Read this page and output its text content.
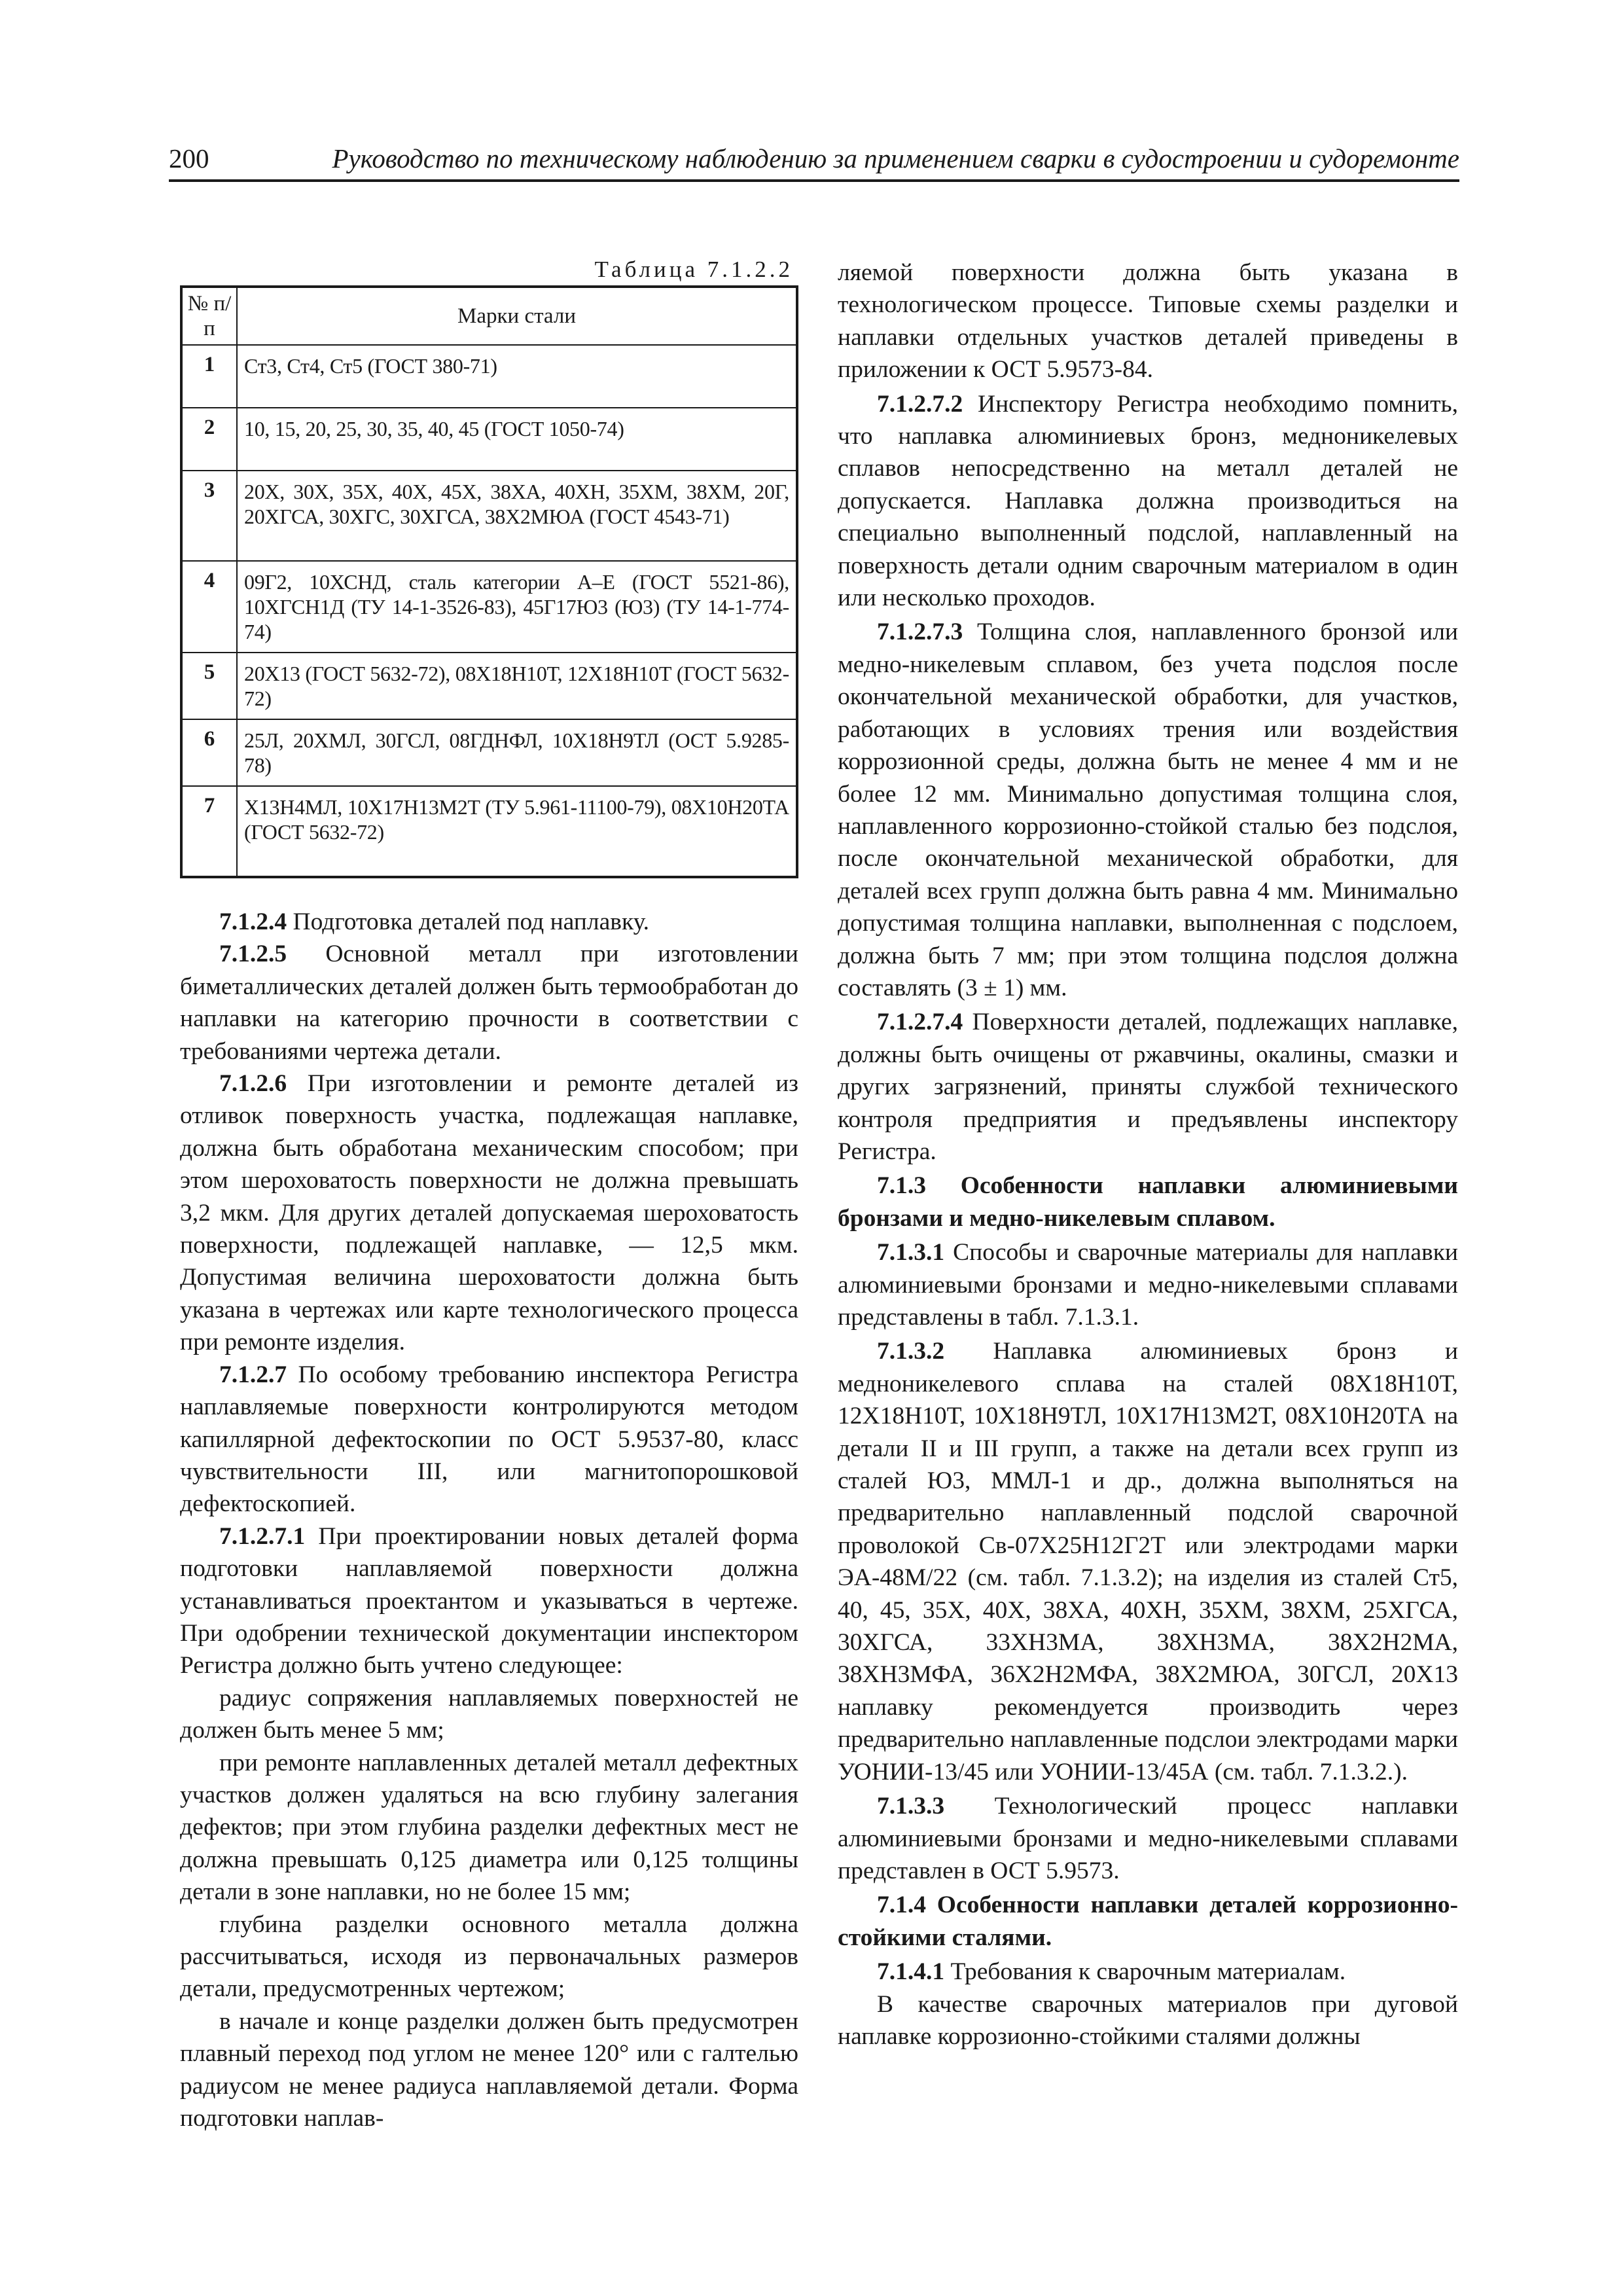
200	Руководство по техническому наблюдению за применением сварки в судостроении и судоремонте
Таблица 7.1.2.2
№ п/п	Марки стали
1	Ст3, Ст4, Ст5 (ГОСТ 380-71)
2	10, 15, 20, 25, 30, 35, 40, 45 (ГОСТ 1050-74)
3	20Х, 30Х, 35Х, 40Х, 45Х, 38ХА, 40ХН, 35ХМ, 38ХМ, 20Г, 20ХГСА, 30ХГС, 30ХГСА, 38Х2МЮА (ГОСТ 4543-71)
4	09Г2, 10ХСНД, сталь категории А–Е (ГОСТ 5521-86), 10ХГСН1Д (ТУ 14-1-3526-83), 45Г17Ю3 (Ю3) (ТУ 14-1-774-74)
5	20Х13 (ГОСТ 5632-72), 08Х18Н10Т, 12Х18Н10Т (ГОСТ 5632-72)
6	25Л, 20ХМЛ, 30ГСЛ, 08ГДНФЛ, 10Х18Н9ТЛ (ОСТ 5.9285-78)
7	Х13Н4МЛ, 10Х17Н13М2Т (ТУ 5.961-11100-79), 08Х10Н20ТА (ГОСТ 5632-72)

7.1.2.4 Подготовка деталей под наплавку.

7.1.2.5 Основной металл при изготовлении биметаллических деталей должен быть термообработан до наплавки на категорию прочности в соответствии с требованиями чертежа детали.

7.1.2.6 При изготовлении и ремонте деталей из отливок поверхность участка, подлежащая наплавке, должна быть обработана механическим способом; при этом шероховатость поверхности не должна превышать 3,2 мкм. Для других деталей допускаемая шероховатость поверхности, подлежащей наплавке, — 12,5 мкм. Допустимая величина шероховатости должна быть указана в чертежах или карте технологического процесса при ремонте изделия.

7.1.2.7 По особому требованию инспектора Регистра наплавляемые поверхности контролируются методом капиллярной дефектоскопии по ОСТ 5.9537-80, класс чувствительности III, или магнитопорошковой дефектоскопией.

7.1.2.7.1 При проектировании новых деталей форма подготовки наплавляемой поверхности должна устанавливаться проектантом и указываться в чертеже. При одобрении технической документации инспектором Регистра должно быть учтено следующее:

радиус сопряжения наплавляемых поверхностей не должен быть менее 5 мм;

при ремонте наплавленных деталей металл дефектных участков должен удаляться на всю глубину залегания дефектов; при этом глубина разделки дефектных мест не должна превышать 0,125 диаметра или 0,125 толщины детали в зоне наплавки, но не более 15 мм;

глубина разделки основного металла должна рассчитываться, исходя из первоначальных размеров детали, предусмотренных чертежом;

в начале и конце разделки должен быть предусмотрен плавный переход под углом не менее 120° или с галтелью радиусом не менее радиуса наплавляемой детали. Форма подготовки наплав-

ляемой поверхности должна быть указана в технологическом процессе. Типовые схемы разделки и наплавки отдельных участков деталей приведены в приложении к ОСТ 5.9573-84.

7.1.2.7.2 Инспектору Регистра необходимо помнить, что наплавка алюминиевых бронз, медноникелевых сплавов непосредственно на металл деталей не допускается. Наплавка должна производиться на специально выполненный подслой, наплавленный на поверхность детали одним сварочным материалом в один или несколько проходов.

7.1.2.7.3 Толщина слоя, наплавленного бронзой или медно-никелевым сплавом, без учета подслоя после окончательной механической обработки, для участков, работающих в условиях трения или воздействия коррозионной среды, должна быть не менее 4 мм и не более 12 мм. Минимально допустимая толщина слоя, наплавленного коррозионно-стойкой сталью без подслоя, после окончательной механической обработки, для деталей всех групп должна быть равна 4 мм. Минимально допустимая толщина наплавки, выполненная с подслоем, должна быть 7 мм; при этом толщина подслоя должна составлять (3 ± 1) мм.

7.1.2.7.4 Поверхности деталей, подлежащих наплавке, должны быть очищены от ржавчины, окалины, смазки и других загрязнений, приняты службой технического контроля предприятия и предъявлены инспектору Регистра.

7.1.3 Особенности наплавки алюминиевыми бронзами и медно-никелевым сплавом.

7.1.3.1 Способы и сварочные материалы для наплавки алюминиевыми бронзами и медно-никелевыми сплавами представлены в табл. 7.1.3.1.

7.1.3.2 Наплавка алюминиевых бронз и медноникелевого сплава на сталей 08Х18Н10Т, 12Х18Н10Т, 10Х18Н9ТЛ, 10Х17Н13М2Т, 08Х10Н20ТА на детали II и III групп, а также на детали всех групп из сталей Ю3, ММЛ-1 и др., должна выполняться на предварительно наплавленный подслой сварочной проволокой Св-07Х25Н12Г2Т или электродами марки ЭА-48М/22 (см. табл. 7.1.3.2); на изделия из сталей Ст5, 40, 45, 35Х, 40Х, 38ХА, 40ХН, 35ХМ, 38ХМ, 25ХГСА, 30ХГСА, 33ХН3МА, 38ХН3МА, 38Х2Н2МА, 38ХН3МФА, 36Х2Н2МФА, 38Х2МЮА, 30ГСЛ, 20Х13 наплавку рекомендуется производить через предварительно наплавленные подслои электродами марки УОНИИ-13/45 или УОНИИ-13/45А (см. табл. 7.1.3.2.).

7.1.3.3 Технологический процесс наплавки алюминиевыми бронзами и медно-никелевыми сплавами представлен в ОСТ 5.9573.

7.1.4 Особенности наплавки деталей коррозионно-стойкими сталями.

7.1.4.1 Требования к сварочным материалам.

В качестве сварочных материалов при дуговой наплавке коррозионно-стойкими сталями должны
